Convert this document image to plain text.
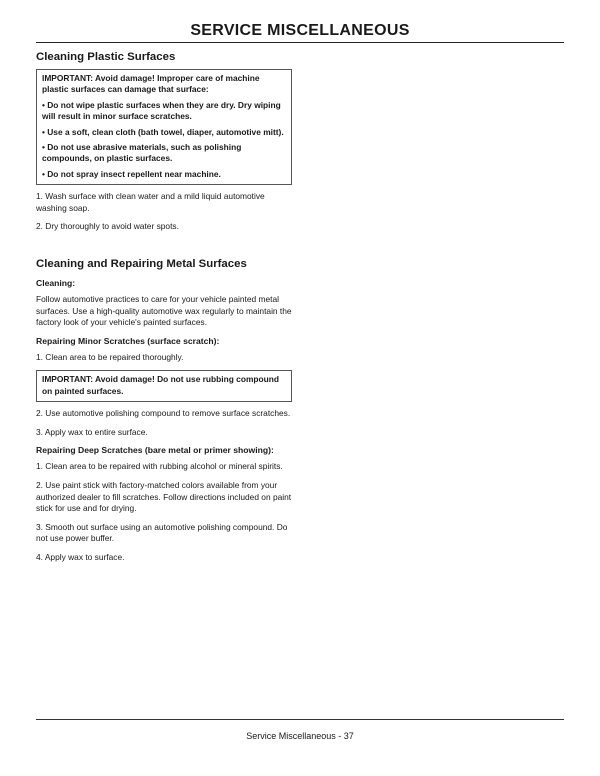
SERVICE MISCELLANEOUS
Cleaning Plastic Surfaces
IMPORTANT: Avoid damage! Improper care of machine plastic surfaces can damage that surface:
• Do not wipe plastic surfaces when they are dry. Dry wiping will result in minor surface scratches.
• Use a soft, clean cloth (bath towel, diaper, automotive mitt).
• Do not use abrasive materials, such as polishing compounds, on plastic surfaces.
• Do not spray insect repellent near machine.
1. Wash surface with clean water and a mild liquid automotive washing soap.
2. Dry thoroughly to avoid water spots.
Cleaning and Repairing Metal Surfaces
Cleaning:
Follow automotive practices to care for your vehicle painted metal surfaces. Use a high-quality automotive wax regularly to maintain the factory look of your vehicle's painted surfaces.
Repairing Minor Scratches (surface scratch):
1. Clean area to be repaired thoroughly.
IMPORTANT: Avoid damage! Do not use rubbing compound on painted surfaces.
2. Use automotive polishing compound to remove surface scratches.
3. Apply wax to entire surface.
Repairing Deep Scratches (bare metal or primer showing):
1. Clean area to be repaired with rubbing alcohol or mineral spirits.
2. Use paint stick with factory-matched colors available from your authorized dealer to fill scratches. Follow directions included on paint stick for use and for drying.
3. Smooth out surface using an automotive polishing compound. Do not use power buffer.
4. Apply wax to surface.
Service Miscellaneous - 37
